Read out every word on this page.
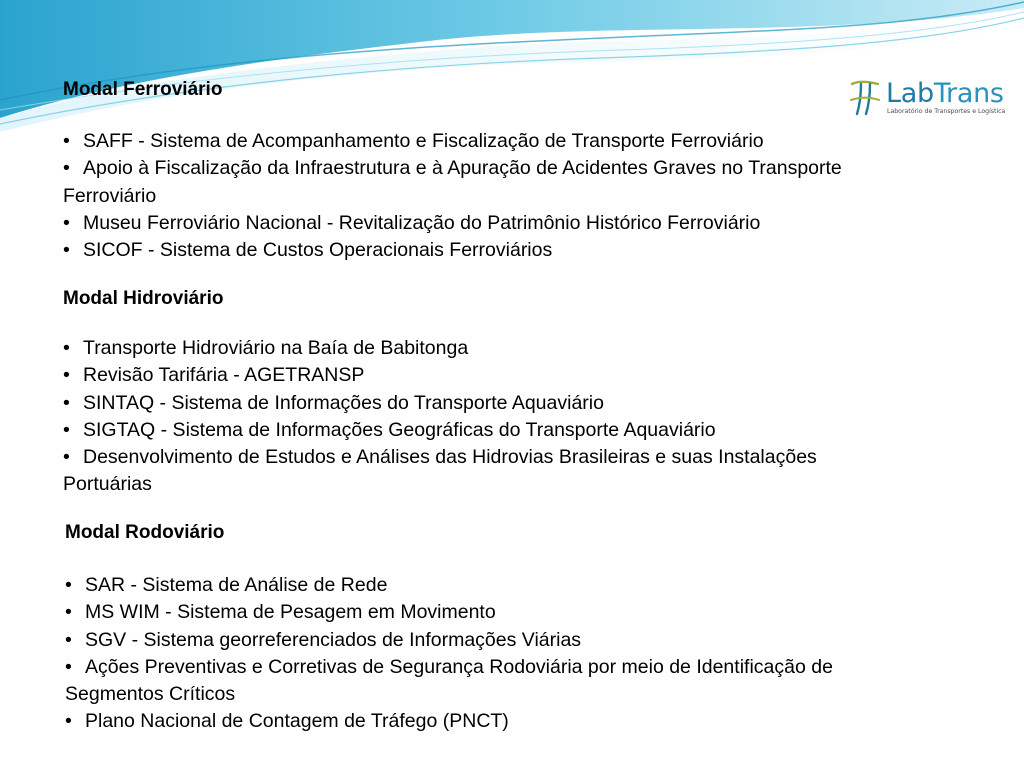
LabTrans
Laboratório de Transportes e Logística
Modal Ferroviário
• SAFF - Sistema de Acompanhamento e Fiscalização de Transporte Ferroviário
• Apoio à Fiscalização da Infraestrutura e à Apuração de Acidentes Graves no Transporte
Ferroviário
• Museu Ferroviário Nacional - Revitalização do Patrimônio Histórico Ferroviário
• SICOF - Sistema de Custos Operacionais Ferroviários
Modal Hidroviário
• Transporte Hidroviário na Baía de Babitonga
• Revisão Tarifária - AGETRANSP
• SINTAQ - Sistema de Informações do Transporte Aquaviário
• SIGTAQ - Sistema de Informações Geográficas do Transporte Aquaviário
• Desenvolvimento de Estudos e Análises das Hidrovias Brasileiras e suas Instalações
Portuárias
Modal Rodoviário
• SAR - Sistema de Análise de Rede
• MS WIM - Sistema de Pesagem em Movimento
• SGV - Sistema georreferenciados de Informações Viárias
• Ações Preventivas e Corretivas de Segurança Rodoviária por meio de Identificação de
Segmentos Críticos
• Plano Nacional de Contagem de Tráfego (PNCT)
